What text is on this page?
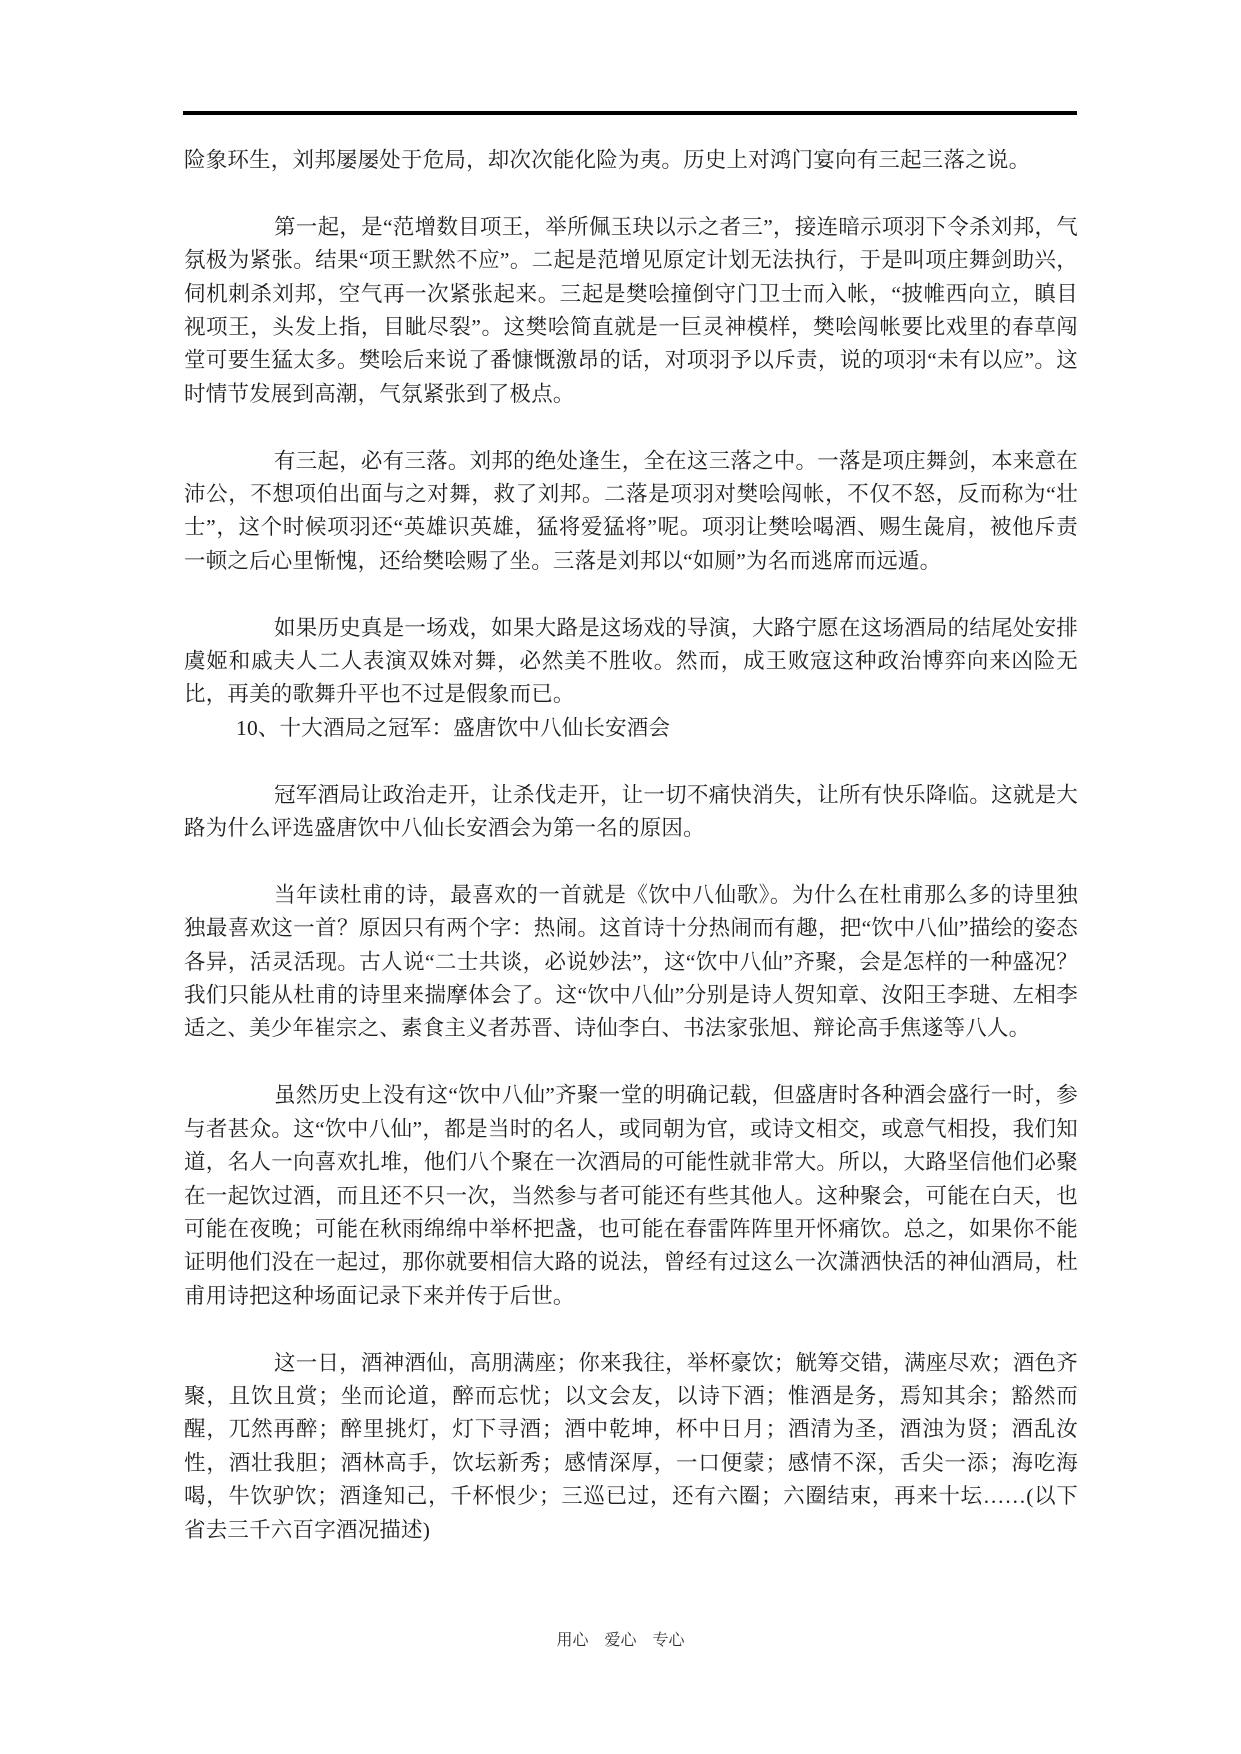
险象环生，刘邦屡屡处于危局，却次次能化险为夷。历史上对鸿门宴向有三起三落之说。

第一起，是“范增数目项王，举所佩玉玦以示之者三”，接连暗示项羽下令杀刘邦，气氛极为紧张。结果“项王默然不应”。二起是范增见原定计划无法执行，于是叫项庄舞剑助兴，伺机刺杀刘邦，空气再一次紧张起来。三起是樊哙撞倒守门卫士而入帐，“披帷西向立，瞋目视项王，头发上指，目眦尽裂”。这樊哙简直就是一巨灵神模样，樊哙闯帐要比戏里的春草闯堂可要生猛太多。樊哙后来说了番慷慨激昂的话，对项羽予以斥责，说的项羽“未有以应”。这时情节发展到高潮，气氛紧张到了极点。

有三起，必有三落。刘邦的绝处逢生，全在这三落之中。一落是项庄舞剑，本来意在沛公，不想项伯出面与之对舞，救了刘邦。二落是项羽对樊哙闯帐，不仅不怒，反而称为“壮士”，这个时候项羽还“英雄识英雄，猛将爱猛将”呢。项羽让樊哙喝酒、赐生彘肩，被他斥责一顿之后心里惭愧，还给樊哙赐了坐。三落是刘邦以“如厕”为名而逃席而远遁。

如果历史真是一场戏，如果大路是这场戏的导演，大路宁愿在这场酒局的结尾处安排虞姬和戚夫人二人表演双姝对舞，必然美不胜收。然而，成王败寇这种政治博弈向来凶险无比，再美的歌舞升平也不过是假象而已。

10、十大酒局之冠军：盛唐饮中八仙长安酒会

冠军酒局让政治走开，让杀伐走开，让一切不痛快消失，让所有快乐降临。这就是大路为什么评选盛唐饮中八仙长安酒会为第一名的原因。

当年读杜甫的诗，最喜欢的一首就是《饮中八仙歌》。为什么在杜甫那么多的诗里独独最喜欢这一首？原因只有两个字：热闹。这首诗十分热闹而有趣，把“饮中八仙”描绘的姿态各异，活灵活现。古人说“二士共谈，必说妙法”，这“饮中八仙”齐聚，会是怎样的一种盛况？我们只能从杜甫的诗里来揣摩体会了。这“饮中八仙”分别是诗人贺知章、汝阳王李琎、左相李适之、美少年崔宗之、素食主义者苏晋、诗仙李白、书法家张旭、辩论高手焦遂等八人。

虽然历史上没有这“饮中八仙”齐聚一堂的明确记载，但盛唐时各种酒会盛行一时，参与者甚众。这“饮中八仙”，都是当时的名人，或同朝为官，或诗文相交，或意气相投，我们知道，名人一向喜欢扎堆，他们八个聚在一次酒局的可能性就非常大。所以，大路坚信他们必聚在一起饮过酒，而且还不只一次，当然参与者可能还有些其他人。这种聚会，可能在白天，也可能在夜晚；可能在秋雨绵绵中举杯把盏，也可能在春雷阵阵里开怀痛饮。总之，如果你不能证明他们没在一起过，那你就要相信大路的说法，曾经有过这么一次潇洒快活的神仙酒局，杜甫用诗把这种场面记录下来并传于后世。

这一日，酒神酒仙，高朋满座；你来我往，举杯豪饮；觥筹交错，满座尽欢；酒色齐聚，且饮且赏；坐而论道，醉而忘忧；以文会友，以诗下酒；惟酒是务，焉知其余；豁然而醒，兀然再醉；醉里挑灯，灯下寻酒；酒中乾坤，杯中日月；酒清为圣，酒浊为贤；酒乱汝性，酒壮我胆；酒林高手，饮坛新秀；感情深厚，一口便蒙；感情不深，舌尖一添；海吃海喝，牛饮驴饮；酒逢知己，千杯恨少；三巡已过，还有六圈；六圈结束，再来十坛……(以下省去三千六百字酒况描述)

用心　爱心　专心
